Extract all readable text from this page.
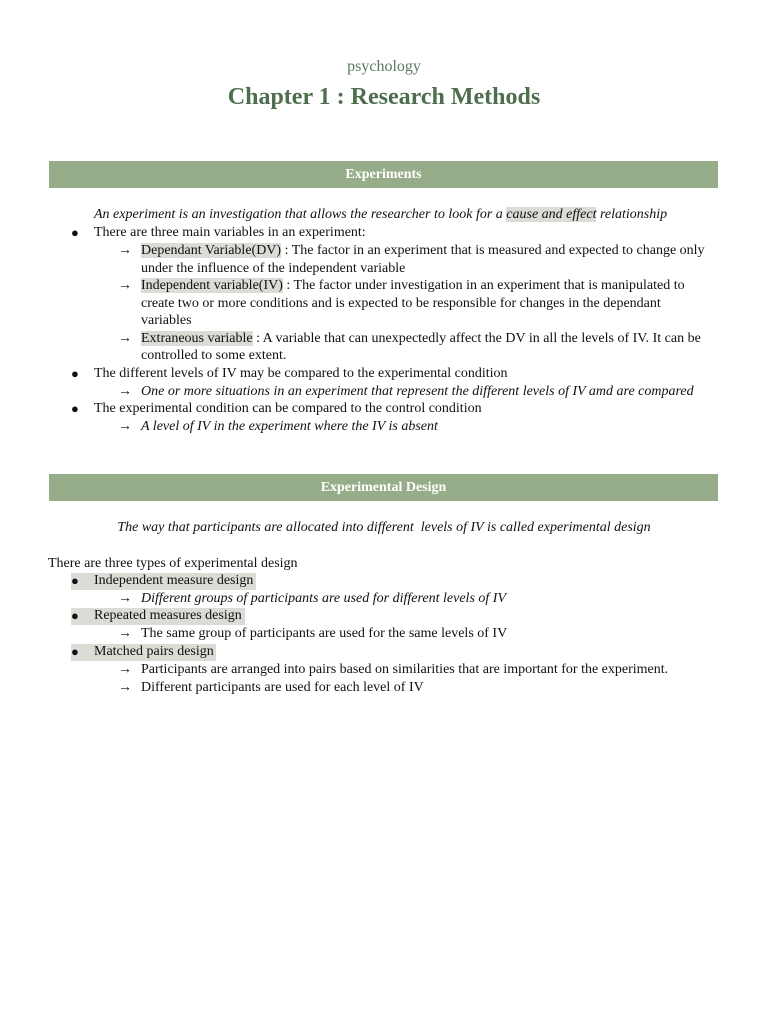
psychology
Chapter 1 : Research Methods
Experiments
An experiment is an investigation that allows the researcher to look for a cause and effect relationship
● There are three main variables in an experiment:
→ Dependant Variable(DV) : The factor in an experiment that is measured and expected to change only
under the influence of the independent variable
→ Independent variable(IV) : The factor under investigation in an experiment that is manipulated to
create two or more conditions and is expected to be responsible for changes in the dependant
variables
→ Extraneous variable : A variable that can unexpectedly affect the DV in all the levels of IV. It can be
controlled to some extent.
● The different levels of IV may be compared to the experimental condition
→ One or more situations in an experiment that represent the different levels of IV amd are compared
● The experimental condition can be compared to the control condition
→ A level of IV in the experiment where the IV is absent
Experimental Design
The way that participants are allocated into different  levels of IV is called experimental design
There are three types of experimental design
● Independent measure design
→ Different groups of participants are used for different levels of IV
● Repeated measures design
→ The same group of participants are used for the same levels of IV
● Matched pairs design
→ Participants are arranged into pairs based on similarities that are important for the experiment.
→ Different participants are used for each level of IV
